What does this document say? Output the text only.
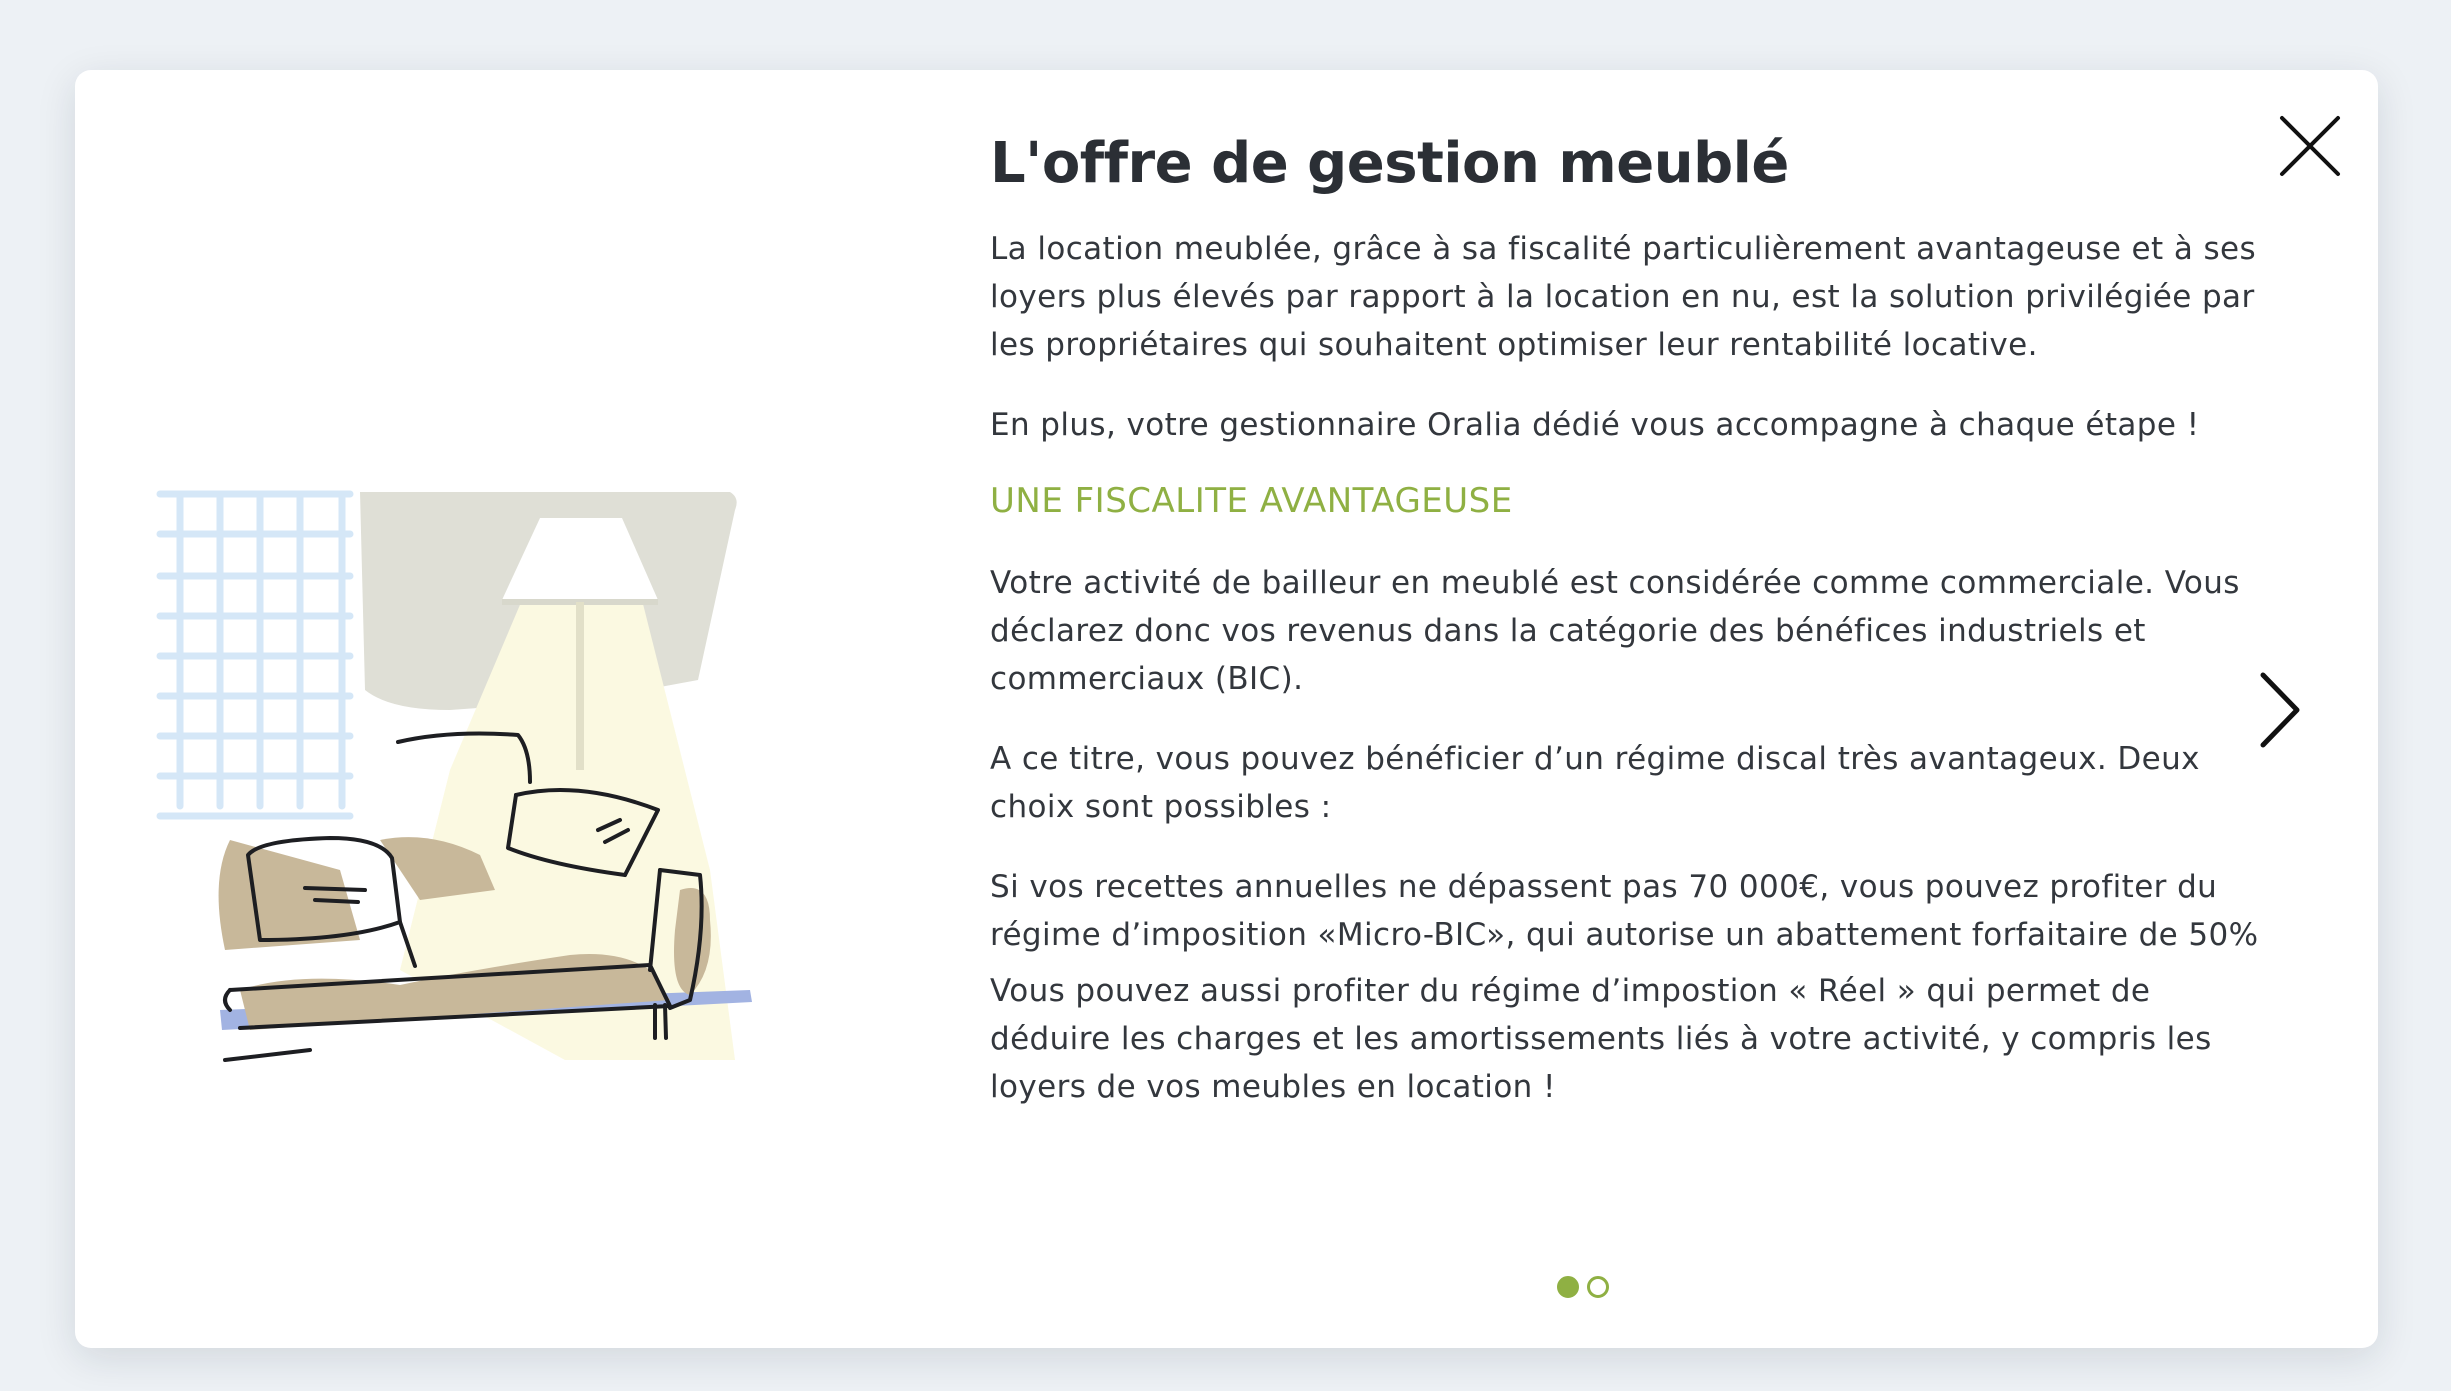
L'offre de gestion meublé

La location meublée, grâce à sa fiscalité particulièrement avantageuse et à ses loyers plus élevés par rapport à la location en nu, est la solution privilégiée par les propriétaires qui souhaitent optimiser leur rentabilité locative.

En plus, votre gestionnaire Oralia dédié vous accompagne à chaque étape !

UNE FISCALITE AVANTAGEUSE

Votre activité de bailleur en meublé est considérée comme commerciale. Vous déclarez donc vos revenus dans la catégorie des bénéfices industriels et commerciaux (BIC).

A ce titre, vous pouvez bénéficier d’un régime discal très avantageux. Deux choix sont possibles :

Si vos recettes annuelles ne dépassent pas 70 000€, vous pouvez profiter du régime d’imposition «Micro-BIC», qui autorise un abattement forfaitaire de 50%

Vous pouvez aussi profiter du régime d’impostion « Réel » qui permet de déduire les charges et les amortissements liés à votre activité, y compris les loyers de vos meubles en location !
